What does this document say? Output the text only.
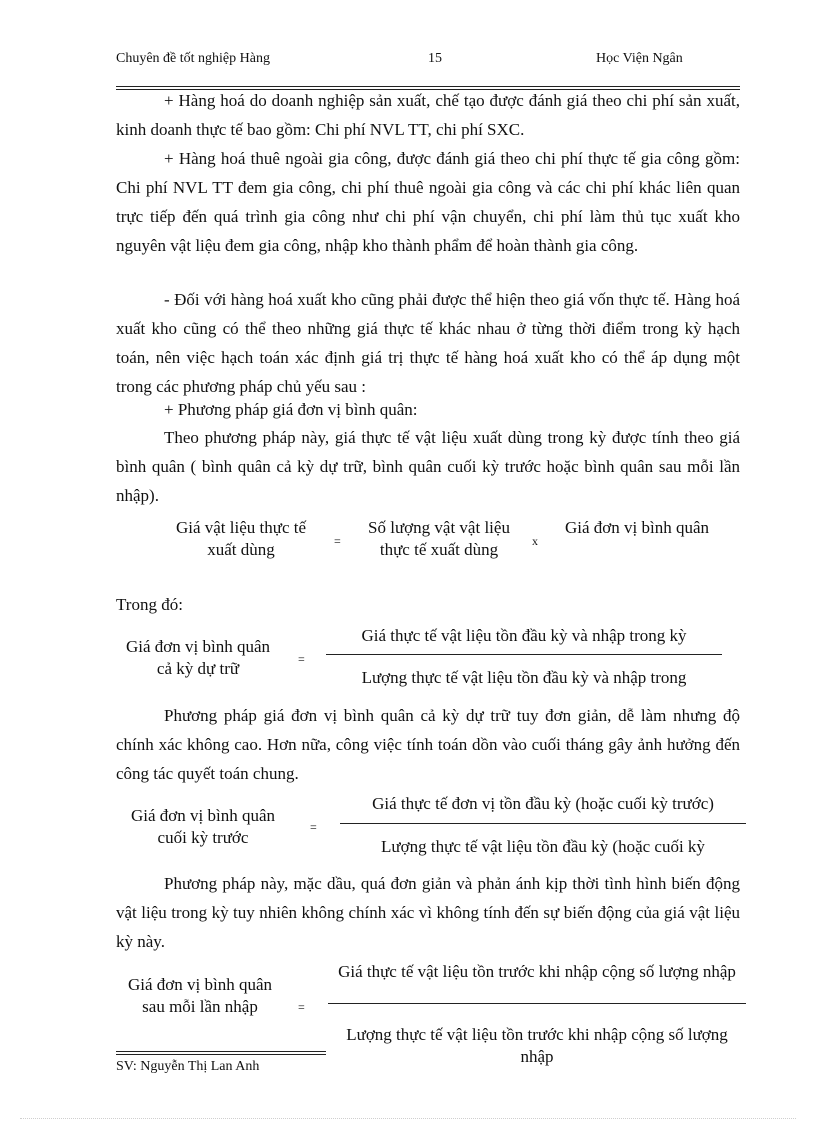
Chuyên đề tốt nghiệp Hàng	15	Học Viện Ngân
+ Hàng hoá do doanh nghiệp sản xuất, chế tạo được đánh giá theo chi phí sản xuất, kinh doanh thực tế bao gồm: Chi phí NVL TT, chi phí SXC.
+ Hàng hoá thuê ngoài gia công, được đánh giá theo chi phí thực tế gia công gồm: Chi phí NVL TT đem gia công, chi phí thuê ngoài gia công và các chi phí khác liên quan trực tiếp đến quá trình gia công như chi phí vận chuyển, chi phí làm thủ tục xuất kho nguyên vật liệu đem gia công, nhập kho thành phẩm để hoàn thành gia công.
- Đối với hàng hoá xuất kho cũng phải được thể hiện theo giá vốn thực tế. Hàng hoá xuất kho cũng có thể theo những giá thực tế khác nhau ở từng thời điểm trong kỳ hạch toán, nên việc hạch toán xác định giá trị thực tế hàng hoá xuất kho có thể áp dụng một trong các phương pháp chủ yếu sau :
+ Phương pháp giá đơn vị bình quân:
Theo phương pháp này, giá thực tế vật liệu xuất dùng trong kỳ được tính theo giá bình quân ( bình quân cả kỳ dự trữ, bình quân cuối kỳ trước hoặc bình quân sau mỗi lần nhập).
Giá vật liệu thực tế xuất dùng	=
Số lượng vật vật liệu thực tế xuất dùng	x
Giá đơn vị bình quân
Trong đó:
Giá đơn vị bình quân cả kỳ dự trữ	=
Giá thực tế vật liệu tồn đầu kỳ và nhập trong kỳ
Lượng thực tế vật liệu tồn đầu kỳ và nhập trong
Phương pháp giá đơn vị bình quân cả kỳ dự trữ tuy đơn giản, dễ làm nhưng độ chính xác không cao. Hơn nữa, công việc tính toán dồn vào cuối tháng gây ảnh hưởng đến công tác quyết toán chung.
Giá đơn vị bình quân cuối kỳ trước
=
Giá thực tế đơn vị tồn đầu kỳ (hoặc cuối kỳ trước)
Lượng thực tế vật liệu tồn đầu kỳ (hoặc cuối kỳ
Phương pháp này, mặc dầu, quá đơn giản và phản ánh kịp thời tình hình biến động vật liệu trong kỳ tuy nhiên không chính xác vì không tính đến sự biến động của giá vật liệu kỳ này.
Giá đơn vị bình quân sau mỗi lần nhập	=
Giá thực tế vật liệu tồn trước khi nhập cộng số lượng nhập
Lượng thực tế vật liệu tồn trước khi nhập cộng số lượng nhập
SV: Nguyễn Thị Lan Anh
